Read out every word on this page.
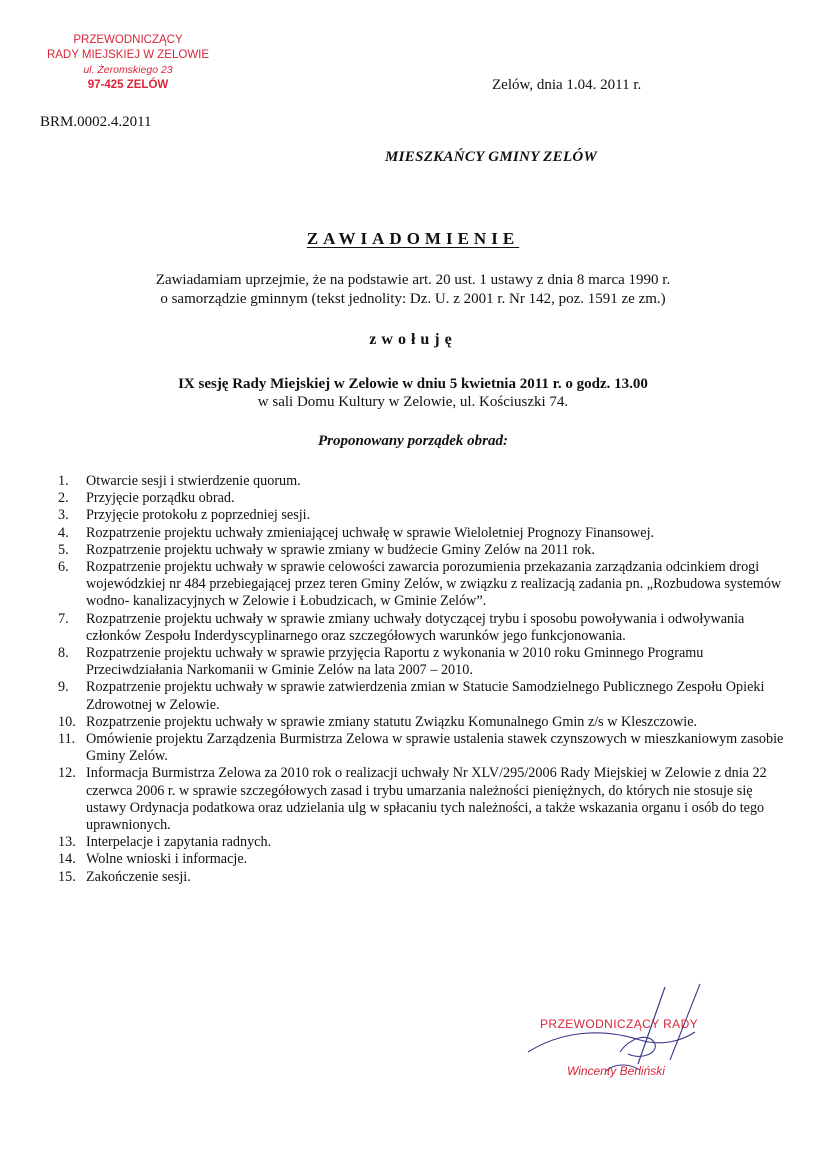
PRZEWODNICZĄCY
RADY MIEJSKIEJ W ZELOWIE
ul. Żeromskiego 23
97-425 ZELÓW	Zelów, dnia 1.04. 2011 r.
BRM.0002.4.2011
MIESZKAŃCY GMINY ZELÓW
ZAWIADOMIENIE
Zawiadamiam uprzejmie, że na podstawie art. 20 ust. 1 ustawy z dnia 8 marca 1990 r.
o samorządzie gminnym (tekst jednolity: Dz. U. z 2001 r. Nr 142, poz. 1591 ze zm.)
zwołuję
IX sesję Rady Miejskiej w Zelowie w dniu 5 kwietnia 2011 r. o godz. 13.00
w sali Domu Kultury w Zelowie, ul. Kościuszki 74.
Proponowany porządek obrad:
1. Otwarcie sesji i stwierdzenie quorum.
2. Przyjęcie porządku obrad.
3. Przyjęcie protokołu z poprzedniej sesji.
4. Rozpatrzenie projektu uchwały zmieniającej uchwałę w sprawie Wieloletniej Prognozy Finansowej.
5. Rozpatrzenie projektu uchwały w sprawie zmiany w budżecie Gminy Zelów na 2011 rok.
6. Rozpatrzenie projektu uchwały w sprawie celowości zawarcia porozumienia przekazania zarządzania odcinkiem drogi wojewódzkiej nr 484 przebiegającej przez teren Gminy Zelów, w związku z realizacją zadania pn. „Rozbudowa systemów wodno- kanalizacyjnych w Zelowie i Łobudzicach, w Gminie Zelów”.
7. Rozpatrzenie projektu uchwały w sprawie zmiany uchwały dotyczącej trybu i sposobu powoływania i odwoływania członków Zespołu Inderdyscyplinarnego oraz szczegółowych warunków jego funkcjonowania.
8. Rozpatrzenie projektu uchwały w sprawie przyjęcia Raportu z wykonania w 2010 roku Gminnego Programu Przeciwdziałania Narkomanii w Gminie Zelów na lata 2007 – 2010.
9. Rozpatrzenie projektu uchwały w sprawie zatwierdzenia zmian w Statucie Samodzielnego Publicznego Zespołu Opieki Zdrowotnej w Zelowie.
10. Rozpatrzenie projektu uchwały w sprawie zmiany statutu Związku Komunalnego Gmin z/s w Kleszczowie.
11. Omówienie projektu Zarządzenia Burmistrza Zelowa w sprawie ustalenia stawek czynszowych w mieszkaniowym zasobie Gminy Zelów.
12. Informacja Burmistrza Zelowa za 2010 rok o realizacji uchwały Nr XLV/295/2006 Rady Miejskiej w Zelowie z dnia 22 czerwca 2006 r. w sprawie szczegółowych zasad i trybu umarzania należności pieniężnych, do których nie stosuje się ustawy Ordynacja podatkowa oraz udzielania ulg w spłacaniu tych należności, a także wskazania organu i osób do tego uprawnionych.
13. Interpelacje i zapytania radnych.
14. Wolne wnioski i informacje.
15. Zakończenie sesji.
PRZEWODNICZĄCY RADY
Wincenty Berliński
